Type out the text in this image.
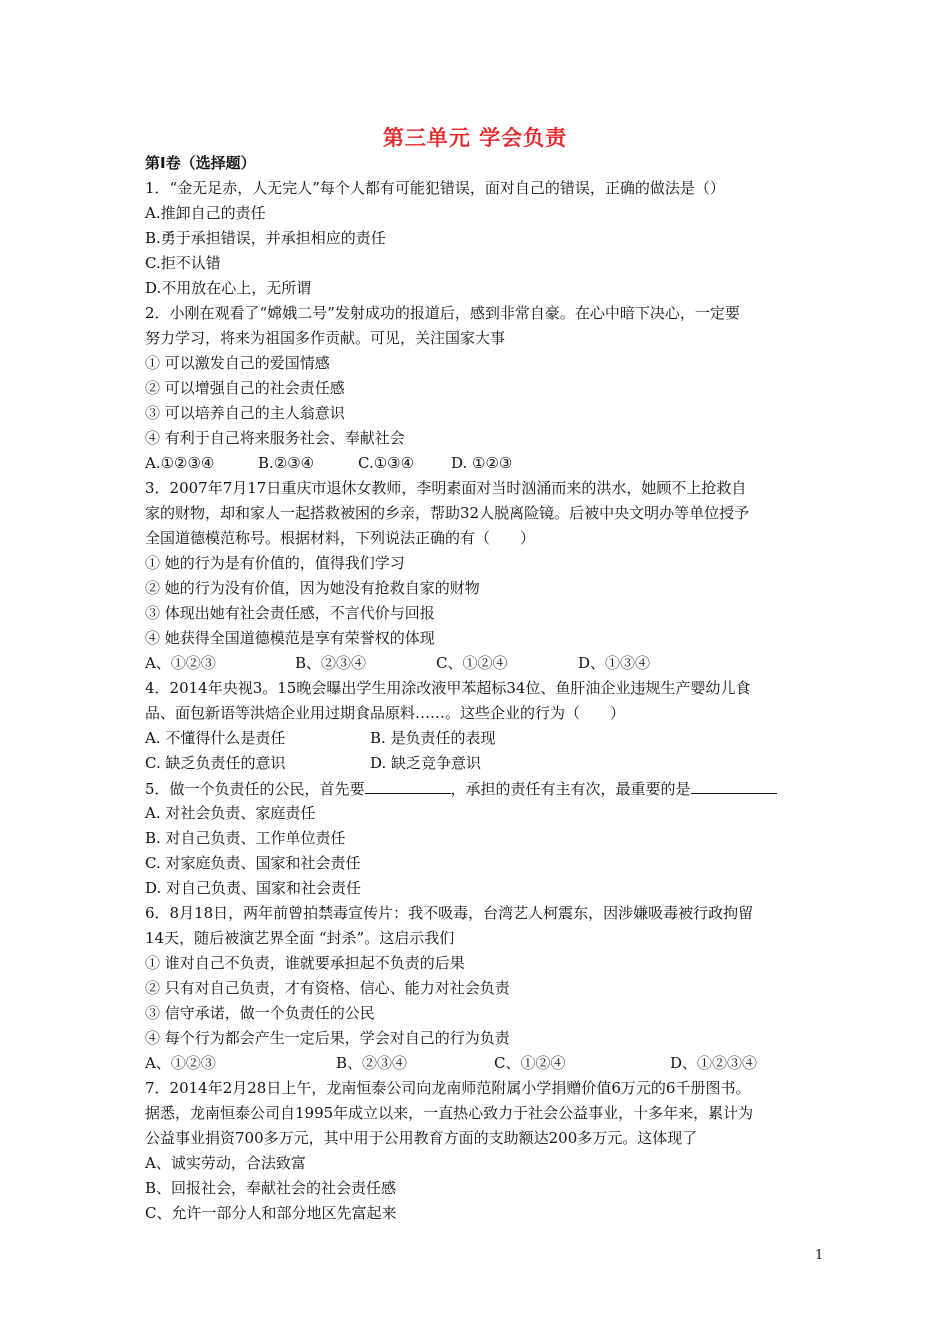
第三单元 学会负责
第Ⅰ卷（选择题）
1．“金无足赤，人无完人”每个人都有可能犯错误，面对自己的错误，正确的做法是（）
A.推卸自己的责任
B.勇于承担错误，并承担相应的责任
C.拒不认错
D.不用放在心上，无所谓
2．小刚在观看了“嫦娥二号”发射成功的报道后，感到非常自豪。在心中暗下决心，一定要
努力学习，将来为祖国多作贡献。可见，关注国家大事
① 可以激发自己的爱国情感
② 可以增强自己的社会责任感
③ 可以培养自己的主人翁意识
④ 有利于自己将来服务社会、奉献社会
A.①②③④	B.②③④	C.①③④ D. ①②③
3．2007年7月17日重庆市退休女教师，李明素面对当时汹涌而来的洪水，她顾不上抢救自
家的财物，却和家人一起搭救被困的乡亲，帮助32人脱离险镜。后被中央文明办等单位授予
全国道德模范称号。根据材料，下列说法正确的有（　　）
① 她的行为是有价值的，值得我们学习
② 她的行为没有价值，因为她没有抢救自家的财物
③ 体现出她有社会责任感，不言代价与回报
④ 她获得全国道德模范是享有荣誉权的体现
A、①②③	B、②③④	C、①②④	D、①③④
4．2014年央视3。15晚会曝出学生用涂改液甲苯超标34位、鱼肝油企业违规生产婴幼儿食
品、面包新语等洪焙企业用过期食品原料……。这些企业的行为（　　）
A. 不懂得什么是责任	B. 是负责任的表现
C. 缺乏负责任的意识	D. 缺乏竞争意识
5．做一个负责任的公民，首先要	，承担的责任有主有次，最重要的是
A. 对社会负责、家庭责任
B. 对自己负责、工作单位责任
C. 对家庭负责、国家和社会责任
D. 对自己负责、国家和社会责任
6．8月18日，两年前曾拍禁毒宣传片：我不吸毒，台湾艺人柯震东，因涉嫌吸毒被行政拘留
14天，随后被演艺界全面 “封杀”。这启示我们
① 谁对自己不负责，谁就要承担起不负责的后果
② 只有对自己负责，才有资格、信心、能力对社会负责
③ 信守承诺，做一个负责任的公民
④ 每个行为都会产生一定后果，学会对自己的行为负责
A、①②③	B、②③④	C、①②④	D、①②③④
7．2014年2月28日上午，龙南恒泰公司向龙南师范附属小学捐赠价值6万元的6千册图书。
据悉，龙南恒泰公司自1995年成立以来，一直热心致力于社会公益事业，十多年来，累计为
公益事业捐资700多万元，其中用于公用教育方面的支助额达200多万元。这体现了
A、诚实劳动，合法致富
B、回报社会，奉献社会的社会责任感
C、允许一部分人和部分地区先富起来
1
